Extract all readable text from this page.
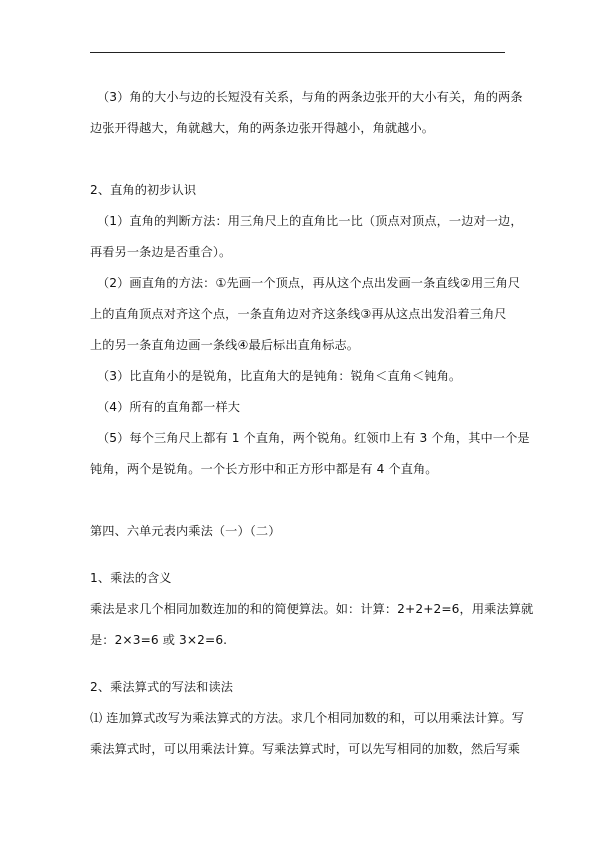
（3）角的大小与边的长短没有关系，与角的两条边张开的大小有关，角的两条
边张开得越大，角就越大，角的两条边张开得越小，角就越小。
2、直角的初步认识
（1）直角的判断方法：用三角尺上的直角比一比（顶点对顶点，一边对一边，
再看另一条边是否重合）。
（2）画直角的方法：①先画一个顶点，再从这个点出发画一条直线②用三角尺
上的直角顶点对齐这个点，一条直角边对齐这条线③再从这点出发沿着三角尺
上的另一条直角边画一条线④最后标出直角标志。
（3）比直角小的是锐角，比直角大的是钝角：锐角＜直角＜钝角。
（4）所有的直角都一样大
（5）每个三角尺上都有 1 个直角，两个锐角。红领巾上有 3 个角，其中一个是
钝角，两个是锐角。一个长方形中和正方形中都是有 4 个直角。
第四、六单元表内乘法（一）（二）
1、乘法的含义
乘法是求几个相同加数连加的和的简便算法。如：计算：2+2+2=6，用乘法算就
是：2×3=6 或 3×2=6.
2、乘法算式的写法和读法
⑴ 连加算式改写为乘法算式的方法。求几个相同加数的和，可以用乘法计算。写
乘法算式时，可以用乘法计算。写乘法算式时，可以先写相同的加数，然后写乘
